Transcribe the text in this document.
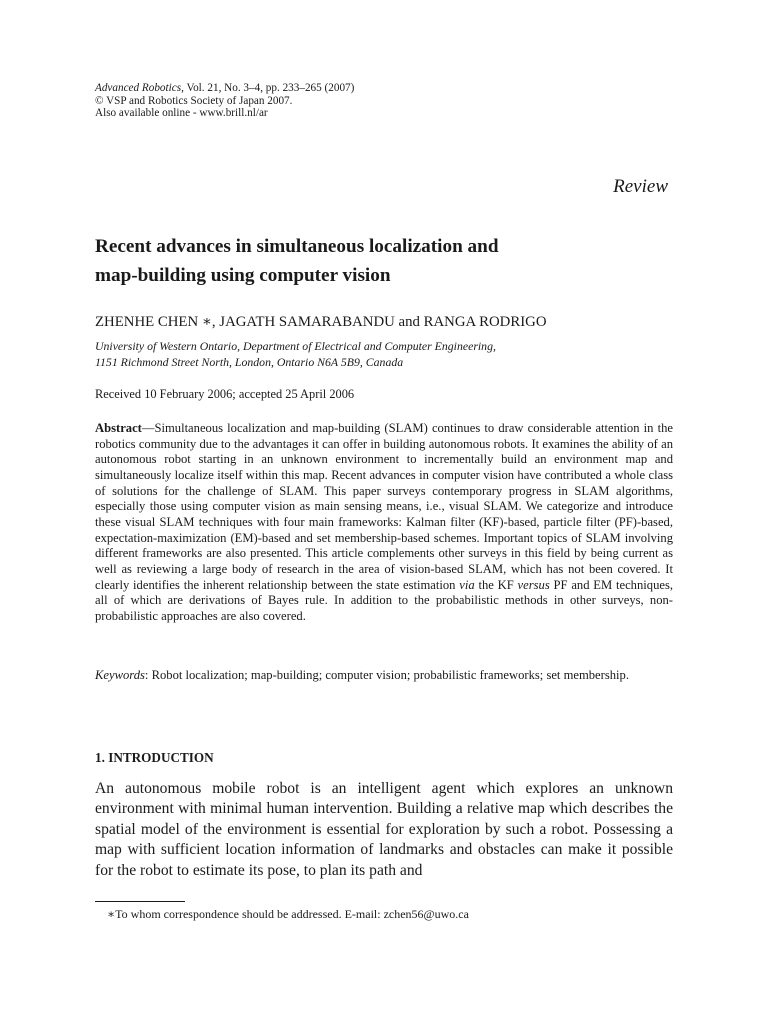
Advanced Robotics, Vol. 21, No. 3–4, pp. 233–265 (2007)
© VSP and Robotics Society of Japan 2007.
Also available online - www.brill.nl/ar
Review
Recent advances in simultaneous localization and
map-building using computer vision
ZHENHE CHEN ∗, JAGATH SAMARABANDU and RANGA RODRIGO
University of Western Ontario, Department of Electrical and Computer Engineering,
1151 Richmond Street North, London, Ontario N6A 5B9, Canada
Received 10 February 2006; accepted 25 April 2006
Abstract—Simultaneous localization and map-building (SLAM) continues to draw considerable attention in the robotics community due to the advantages it can offer in building autonomous robots. It examines the ability of an autonomous robot starting in an unknown environment to incrementally build an environment map and simultaneously localize itself within this map. Recent advances in computer vision have contributed a whole class of solutions for the challenge of SLAM. This paper surveys contemporary progress in SLAM algorithms, especially those using computer vision as main sensing means, i.e., visual SLAM. We categorize and introduce these visual SLAM techniques with four main frameworks: Kalman filter (KF)-based, particle filter (PF)-based, expectation-maximization (EM)-based and set membership-based schemes. Important topics of SLAM involving different frameworks are also presented. This article complements other surveys in this field by being current as well as reviewing a large body of research in the area of vision-based SLAM, which has not been covered. It clearly identifies the inherent relationship between the state estimation via the KF versus PF and EM techniques, all of which are derivations of Bayes rule. In addition to the probabilistic methods in other surveys, non-probabilistic approaches are also covered.
Keywords: Robot localization; map-building; computer vision; probabilistic frameworks; set membership.
1. INTRODUCTION
An autonomous mobile robot is an intelligent agent which explores an unknown environment with minimal human intervention. Building a relative map which describes the spatial model of the environment is essential for exploration by such a robot. Possessing a map with sufficient location information of landmarks and obstacles can make it possible for the robot to estimate its pose, to plan its path and
∗To whom correspondence should be addressed. E-mail: zchen56@uwo.ca
